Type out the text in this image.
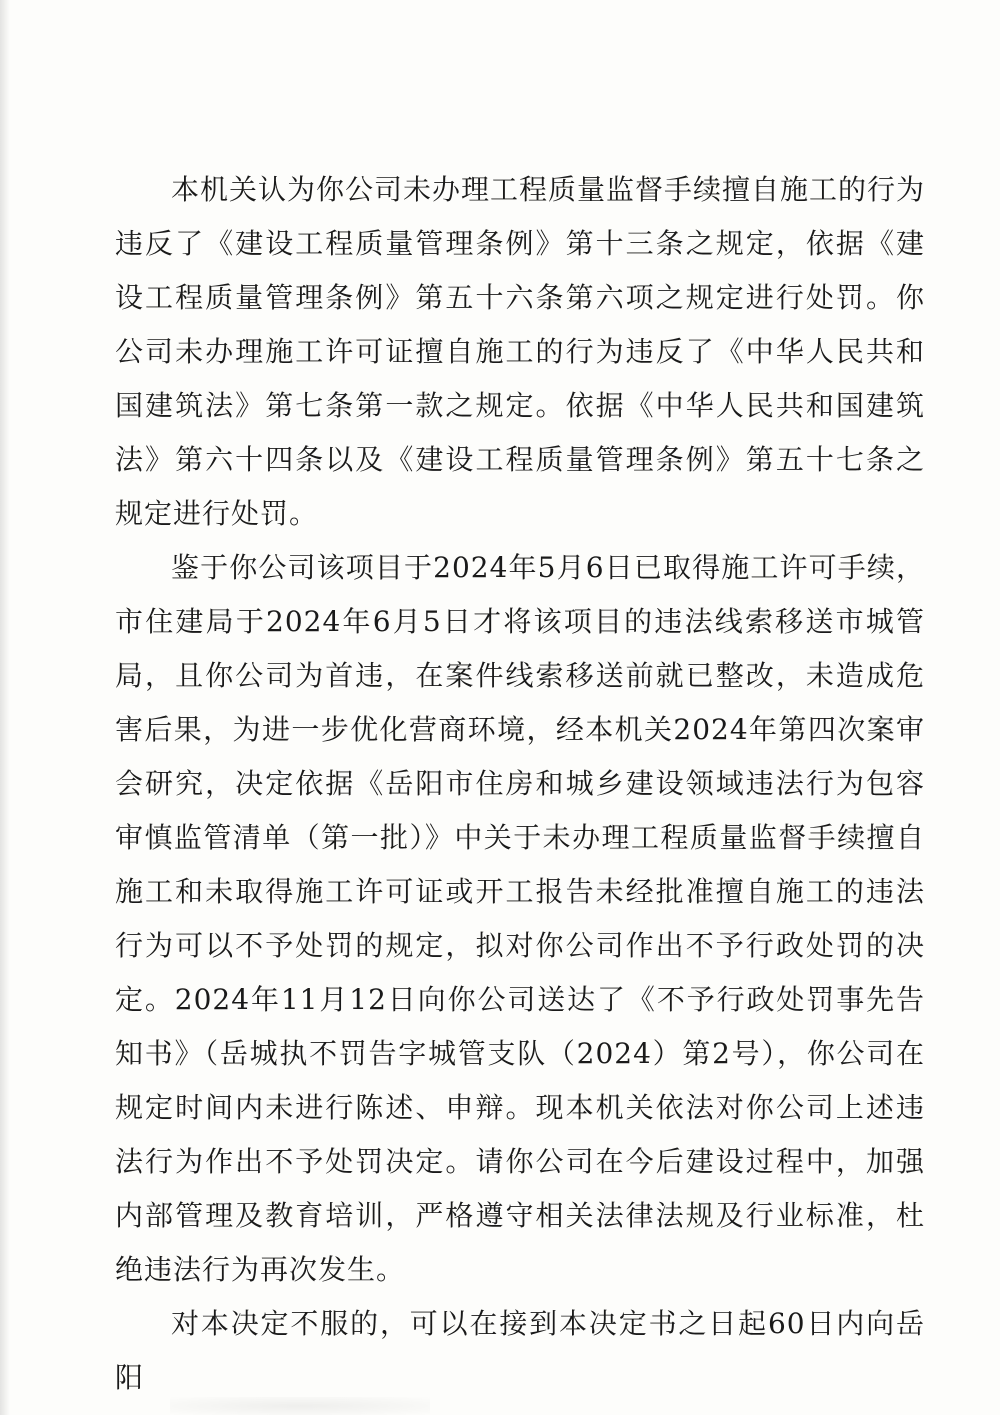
本机关认为你公司未办理工程质量监督手续擅自施工的行为违反了《建设工程质量管理条例》第十三条之规定，依据《建设工程质量管理条例》第五十六条第六项之规定进行处罚。你公司未办理施工许可证擅自施工的行为违反了《中华人民共和国建筑法》第七条第一款之规定。依据《中华人民共和国建筑法》第六十四条以及《建设工程质量管理条例》第五十七条之规定进行处罚。

鉴于你公司该项目于2024年5月6日已取得施工许可手续，市住建局于2024年6月5日才将该项目的违法线索移送市城管局，且你公司为首违，在案件线索移送前就已整改，未造成危害后果，为进一步优化营商环境，经本机关2024年第四次案审会研究，决定依据《岳阳市住房和城乡建设领域违法行为包容审慎监管清单（第一批）》中关于未办理工程质量监督手续擅自施工和未取得施工许可证或开工报告未经批准擅自施工的违法行为可以不予处罚的规定，拟对你公司作出不予行政处罚的决定。2024年11月12日向你公司送达了《不予行政处罚事先告知书》（岳城执不罚告字城管支队（2024）第2号），你公司在规定时间内未进行陈述、申辩。现本机关依法对你公司上述违法行为作出不予处罚决定。请你公司在今后建设过程中，加强内部管理及教育培训，严格遵守相关法律法规及行业标准，杜绝违法行为再次发生。

对本决定不服的，可以在接到本决定书之日起60日内向岳阳
